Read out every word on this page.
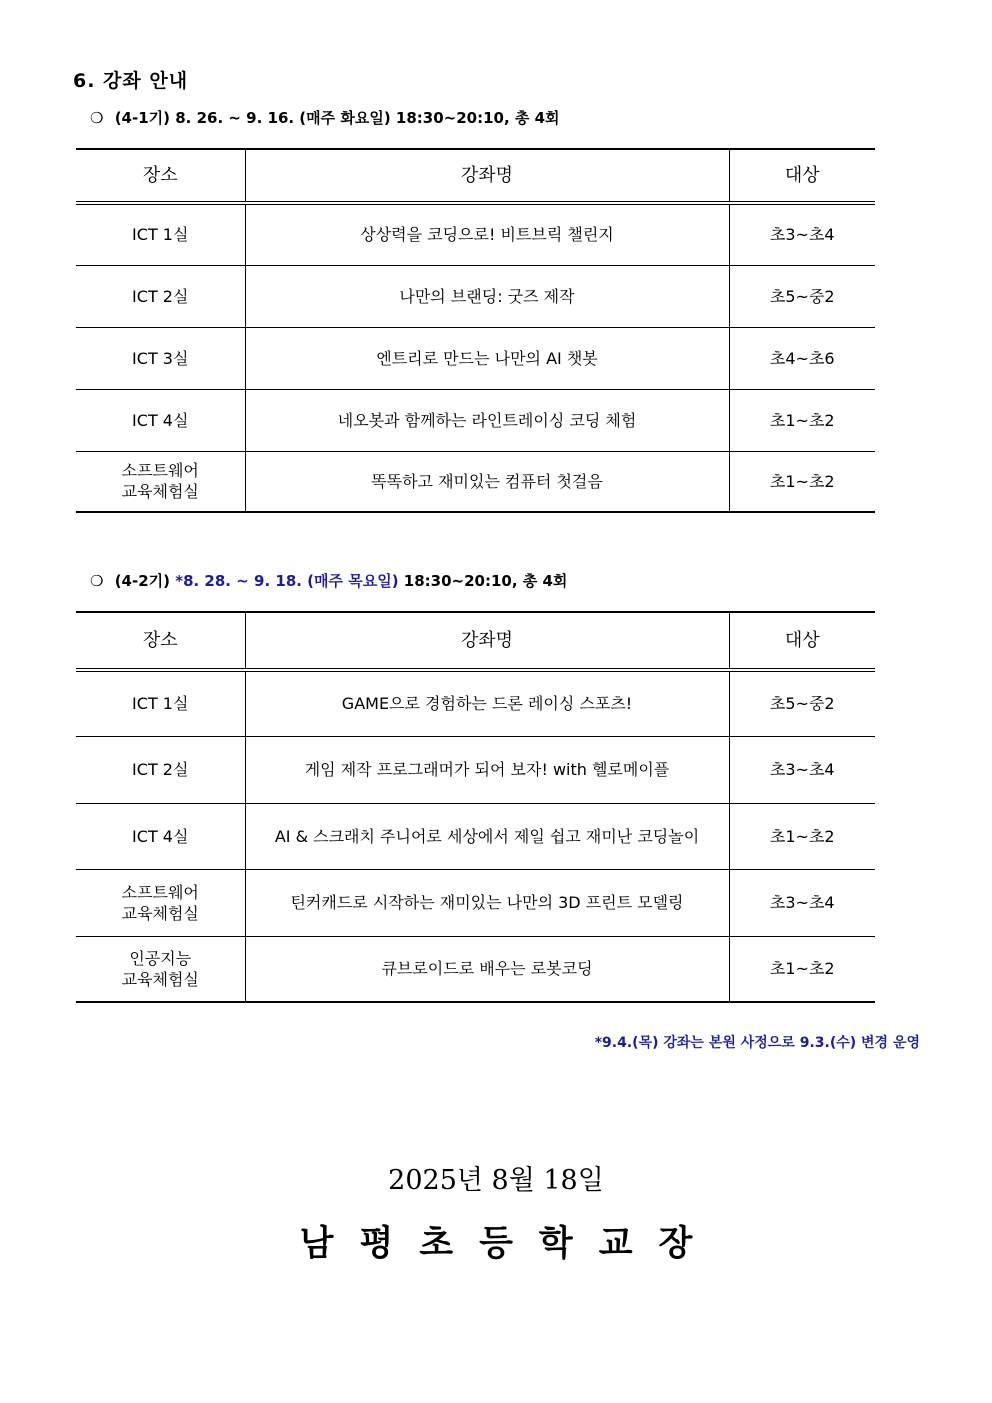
6. 강좌 안내
❍ (4-1기) 8. 26. ~ 9. 16. (매주 화요일) 18:30~20:10, 총 4회
장소	강좌명	대상
ICT 1실	상상력을 코딩으로! 비트브릭 챌린지	초3~초4
ICT 2실	나만의 브랜딩: 굿즈 제작	초5~중2
ICT 3실	엔트리로 만드는 나만의 AI 챗봇	초4~초6
ICT 4실	네오봇과 함께하는 라인트레이싱 코딩 체험	초1~초2
소프트웨어
교육체험실	똑똑하고 재미있는 컴퓨터 첫걸음	초1~초2
❍ (4-2기) *8. 28. ~ 9. 18. (매주 목요일) 18:30~20:10, 총 4회
장소	강좌명	대상
ICT 1실	GAME으로 경험하는 드론 레이싱 스포츠!	초5~중2
ICT 2실	게임 제작 프로그래머가 되어 보자! with 헬로메이플	초3~초4
ICT 4실	AI & 스크래치 주니어로 세상에서 제일 쉽고 재미난 코딩놀이	초1~초2
소프트웨어
교육체험실	틴커캐드로 시작하는 재미있는 나만의 3D 프린트 모델링	초3~초4
인공지능
교육체험실	큐브로이드로 배우는 로봇코딩	초1~초2
*9.4.(목) 강좌는 본원 사정으로 9.3.(수) 변경 운영
2025년 8월 18일
남평초등학교장
